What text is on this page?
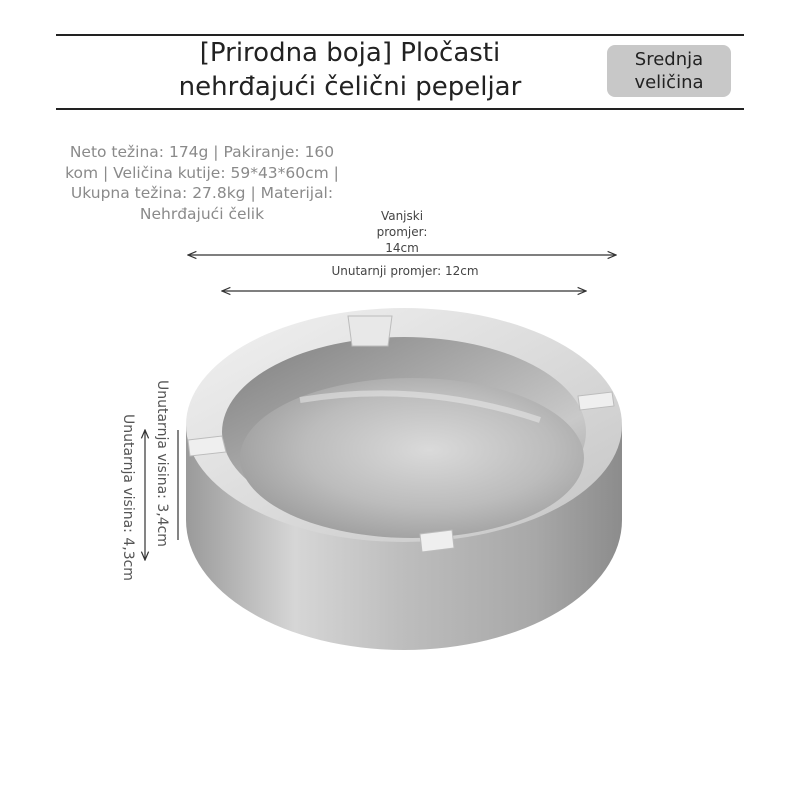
[Prirodna boja] Pločasti
nehrđajući čelični pepeljar
Srednja
veličina
Neto težina: 174g | Pakiranje: 160
kom | Veličina kutije: 59*43*60cm |
Ukupna težina: 27.8kg | Materijal:
Nehrđajući čelik	Vanjski
promjer:
14cm
Unutarnji promjer: 12cm
Unutarnja visina: 3,4cm
Unutarnja visina: 4,3cm
